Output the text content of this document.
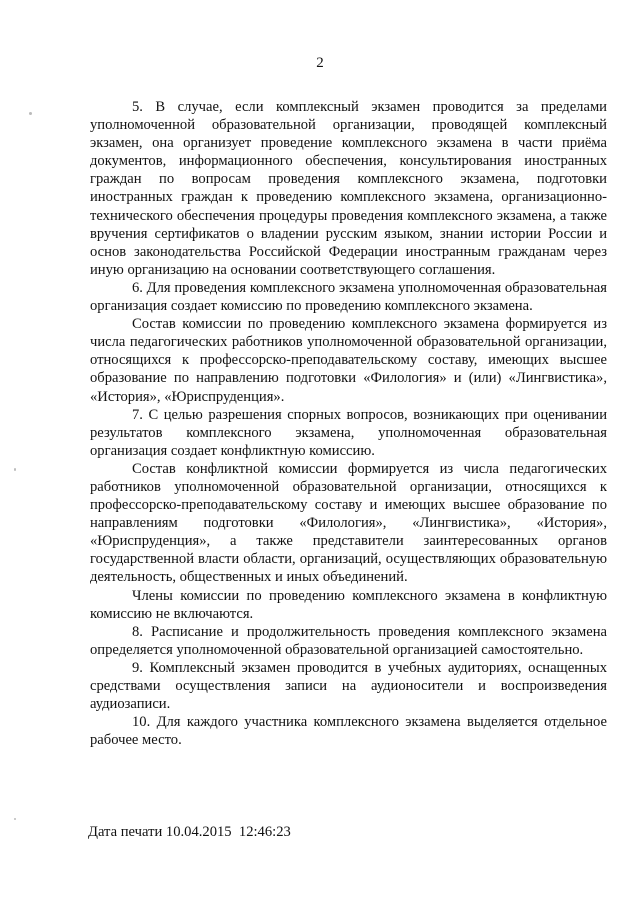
2

5. В случае, если комплексный экзамен проводится за пределами уполномоченной образовательной организации, проводящей комплексный экзамен, она организует проведение комплексного экзамена в части приёма документов, информационного обеспечения, консультирования иностранных граждан по вопросам проведения комплексного экзамена, подготовки иностранных граждан к проведению комплексного экзамена, организационно-технического обеспечения процедуры проведения комплексного экзамена, а также вручения сертификатов о владении русским языком, знании истории России и основ законодательства Российской Федерации иностранным гражданам через иную организацию на основании соответствующего соглашения.

6. Для проведения комплексного экзамена уполномоченная образовательная организация создает комиссию по проведению комплексного экзамена.

Состав комиссии по проведению комплексного экзамена формируется из числа педагогических работников уполномоченной образовательной организации, относящихся к профессорско-преподавательскому составу, имеющих высшее образование по направлению подготовки «Филология» и (или) «Лингвистика», «История», «Юриспруденция».

7. С целью разрешения спорных вопросов, возникающих при оценивании результатов комплексного экзамена, уполномоченная образовательная организация создает конфликтную комиссию.

Состав конфликтной комиссии формируется из числа педагогических работников уполномоченной образовательной организации, относящихся к профессорско-преподавательскому составу и имеющих высшее образование по направлениям подготовки «Филология», «Лингвистика», «История», «Юриспруденция», а также представители заинтересованных органов государственной власти области, организаций, осуществляющих образовательную деятельность, общественных и иных объединений.

Члены комиссии по проведению комплексного экзамена в конфликтную комиссию не включаются.

8. Расписание и продолжительность проведения комплексного экзамена определяется уполномоченной образовательной организацией самостоятельно.

9. Комплексный экзамен проводится в учебных аудиториях, оснащенных средствами осуществления записи на аудионосители и воспроизведения аудиозаписи.

10. Для каждого участника комплексного экзамена выделяется отдельное рабочее место.

Дата печати 10.04.2015  12:46:23
